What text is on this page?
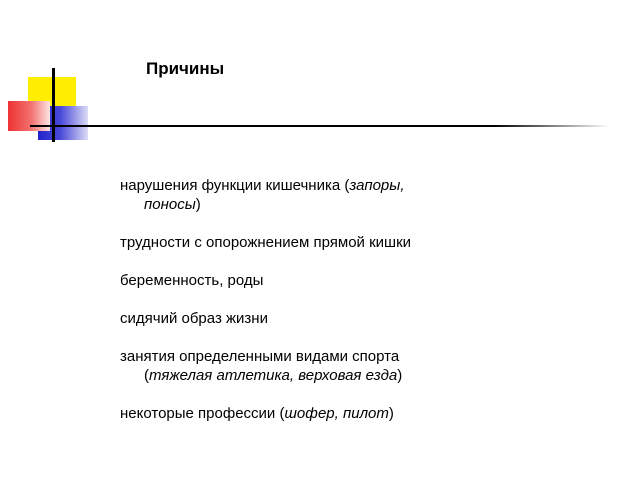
Причины
нарушения функции кишечника (запоры, поносы)
трудности с опорожнением прямой кишки
беременность, роды
сидячий образ жизни
занятия определенными видами спорта (тяжелая атлетика, верховая езда)
некоторые профессии (шофер, пилот)
